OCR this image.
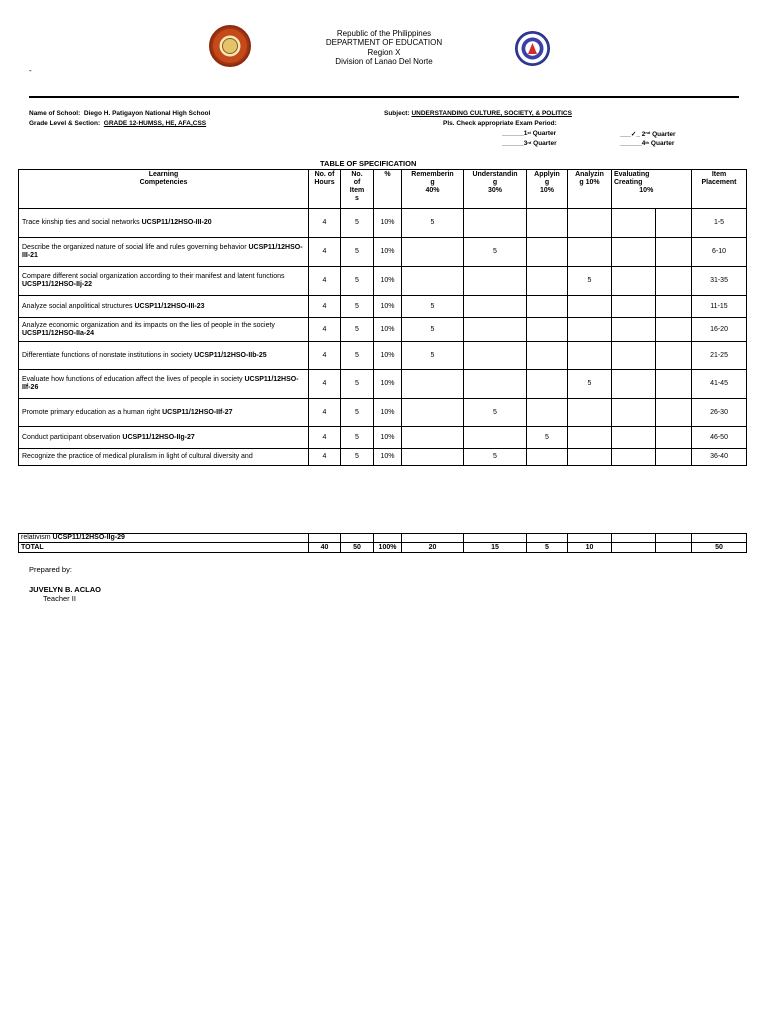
Republic of the Philippines
DEPARTMENT OF EDUCATION
Region X
Division of Lanao Del Norte
-
Name of School: Diego H. Patigayon National High School
Grade Level & Section: GRADE 12-HUMSS, HE, AFA,CSS
Subject: UNDERSTANDING CULTURE, SOCIETY, & POLITICS
Pls. Check appropriate Exam Period:
______1st Quarter	___✓_ 2nd Quarter
______3rd Quarter	______4th Quarter
TABLE OF SPECIFICATION
Learning
Competencies	No. of
Hours	No.
of
Item
s	%	Rememberin
g
40%	Understandin
g
30%	Applyin
g
10%	Analyzin
g 10%	Evaluating
Creating
10%		Item
Placement
Trace kinship ties and social networks UCSP11/12HSO-III-20	4	5	10%	5						1-5
Describe the organized nature of social life and rules governing behavior UCSP11/12HSO-III-21	4	5	10%		5					6-10
Compare different social organization according to their manifest and latent functions UCSP11/12HSO-IIj-22	4	5	10%				5			31-35
Analyze social anpolitical structures UCSP11/12HSO-III-23	4	5	10%	5						11-15
Analyze economic organization and its impacts on the lies of people in the society UCSP11/12HSO-IIa-24	4	5	10%	5						16-20
Differentiate functions of nonstate institutions in society UCSP11/12HSO-IIb-25	4	5	10%	5						21-25
Evaluate how functions of education affect the lives of people in society UCSP11/12HSO-IIf-26	4	5	10%				5			41-45
Promote primary education as a human right UCSP11/12HSO-IIf-27	4	5	10%		5					26-30
Conduct participant observation UCSP11/12HSO-IIg-27	4	5	10%			5				46-50
Recognize the practice of medical pluralism in light of cultural diversity and	4	5	10%		5					36-40
relativism UCSP11/12HSO-IIg-29										
TOTAL	40	50	100%	20	15	5	10			50
Prepared by:
JUVELYN B. ACLAO
Teacher II
